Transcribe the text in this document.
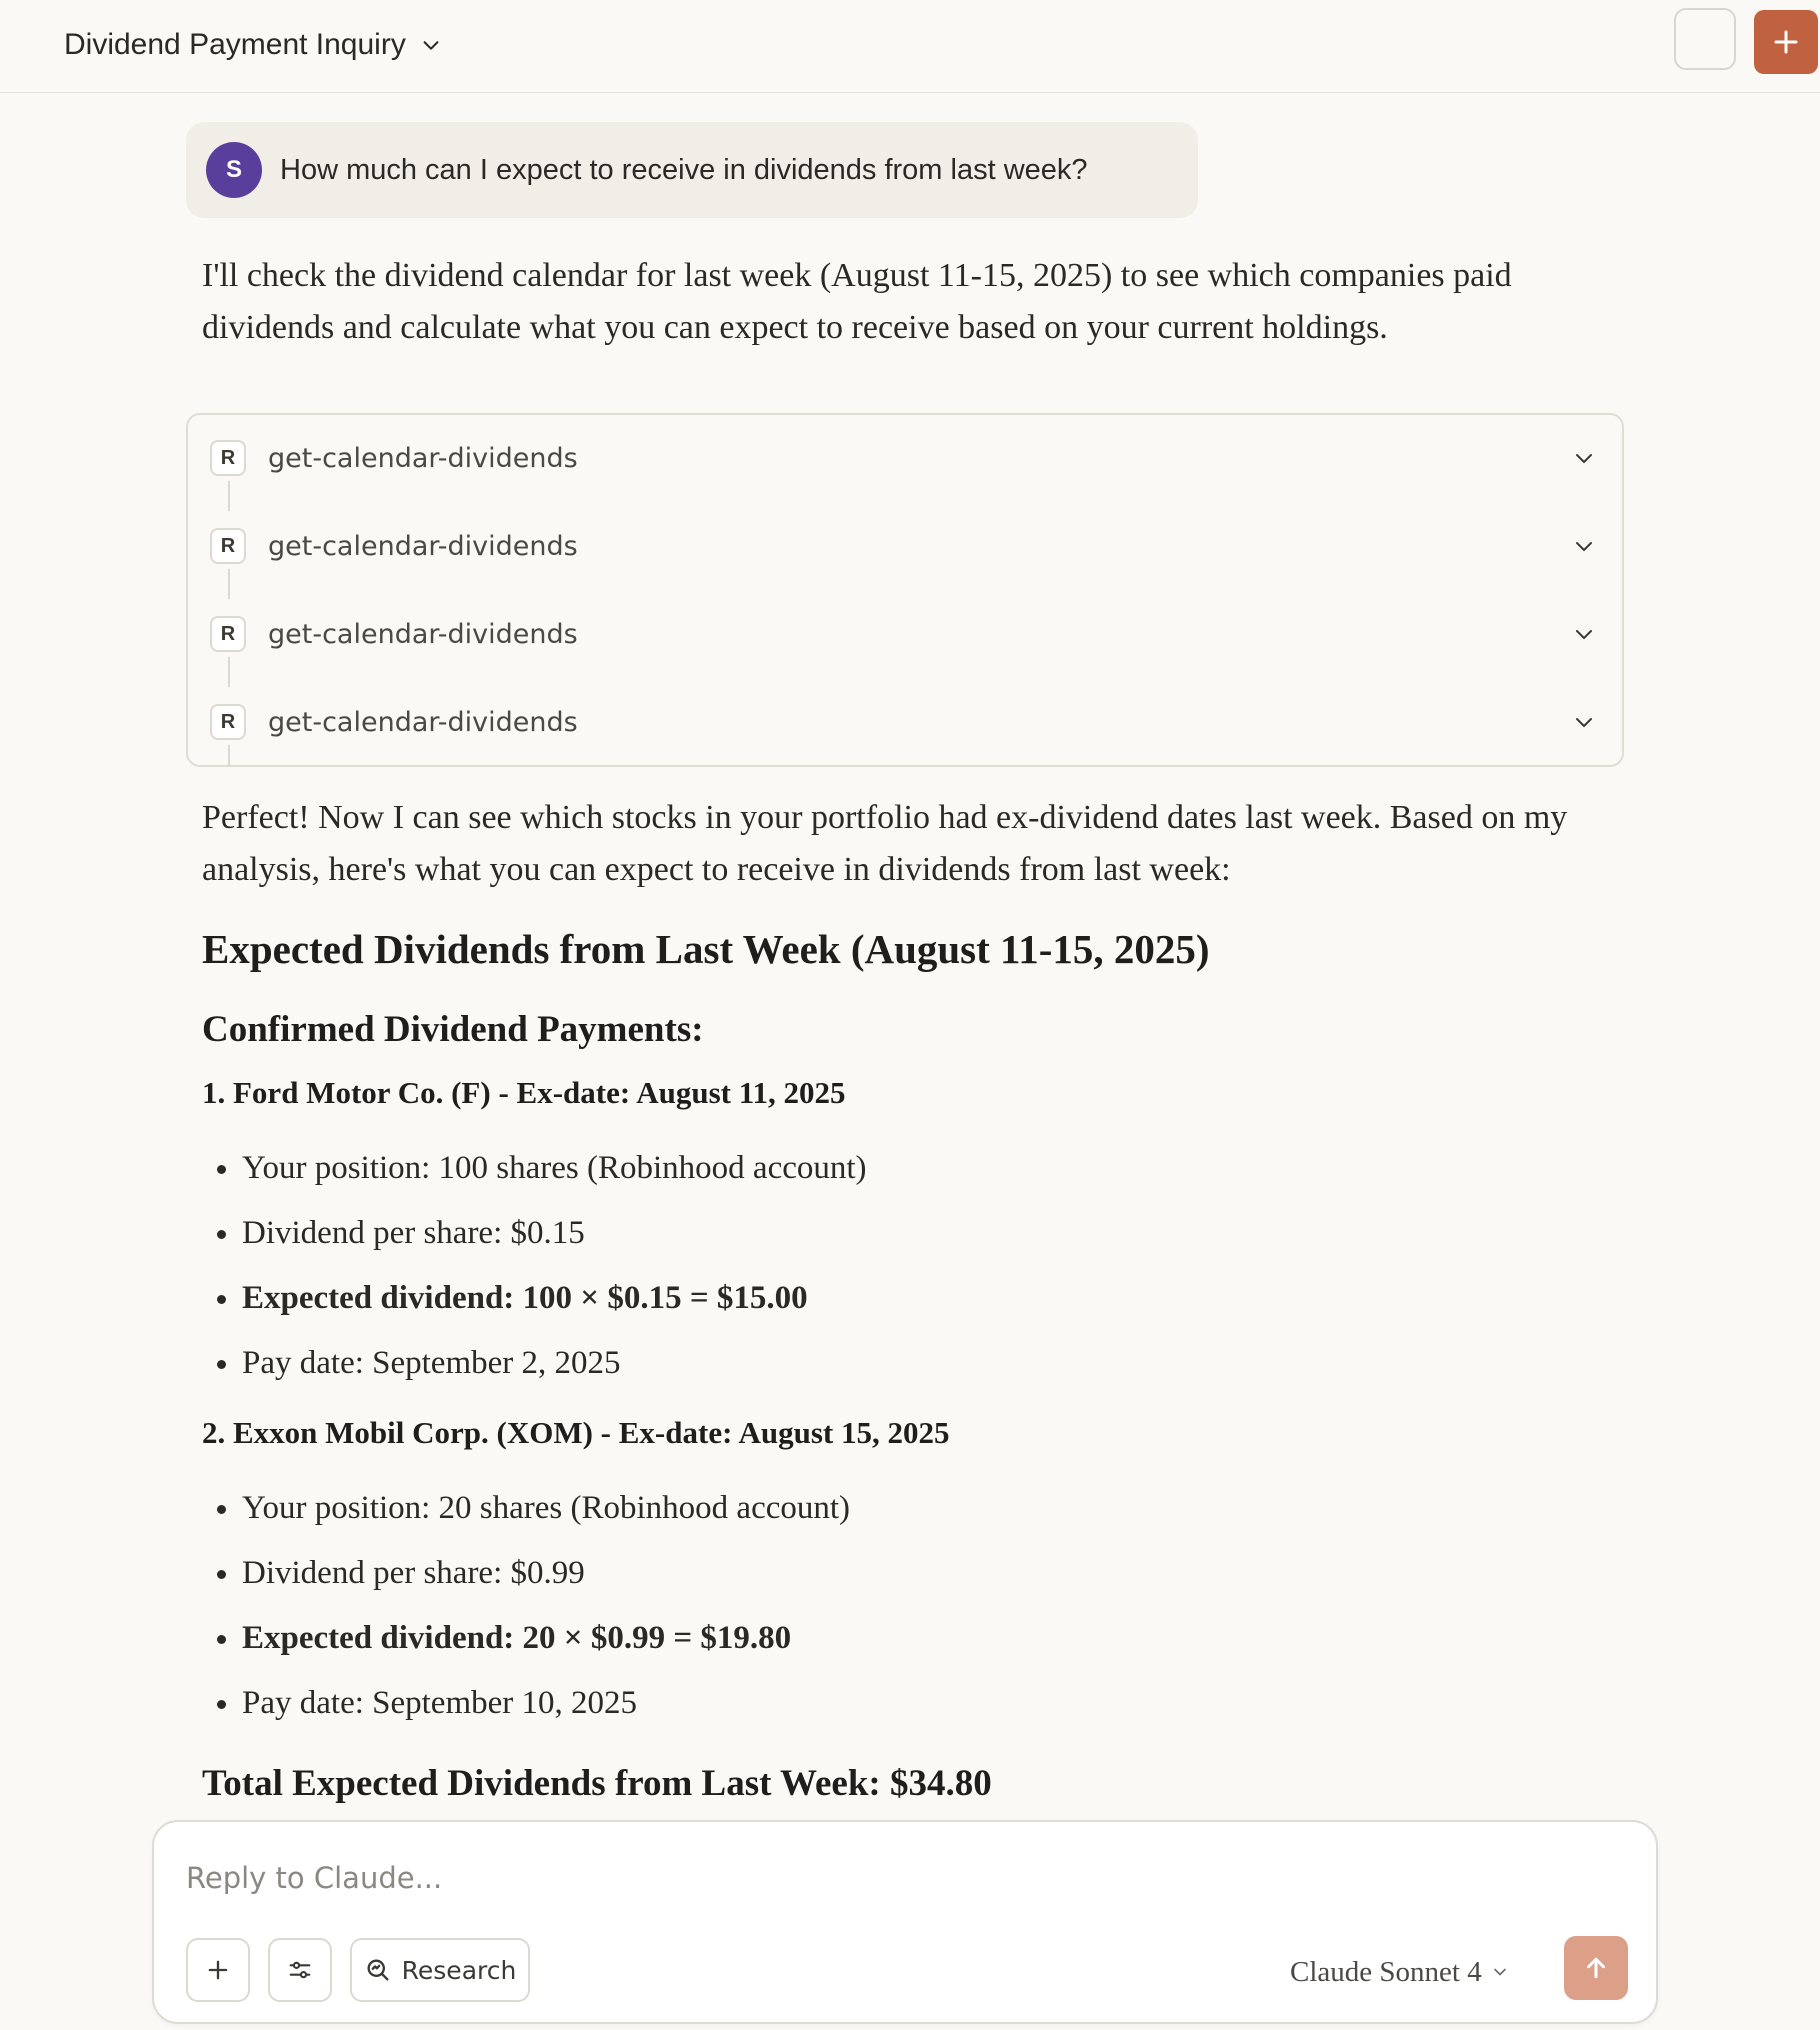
Dividend Payment Inquiry
S	How much can I expect to receive in dividends from last week?
I'll check the dividend calendar for last week (August 11-15, 2025) to see which companies paid dividends and calculate what you can expect to receive based on your current holdings.
R	get-calendar-dividends
R	get-calendar-dividends
R	get-calendar-dividends
R	get-calendar-dividends
Perfect! Now I can see which stocks in your portfolio had ex-dividend dates last week. Based on my analysis, here's what you can expect to receive in dividends from last week:
Expected Dividends from Last Week (August 11-15, 2025)
Confirmed Dividend Payments:
1. Ford Motor Co. (F) - Ex-date: August 11, 2025
• Your position: 100 shares (Robinhood account)
• Dividend per share: $0.15
• Expected dividend: 100 × $0.15 = $15.00
• Pay date: September 2, 2025
2. Exxon Mobil Corp. (XOM) - Ex-date: August 15, 2025
• Your position: 20 shares (Robinhood account)
• Dividend per share: $0.99
• Expected dividend: 20 × $0.99 = $19.80
• Pay date: September 10, 2025
Total Expected Dividends from Last Week: $34.80
Reply to Claude...
Research	Claude Sonnet 4
